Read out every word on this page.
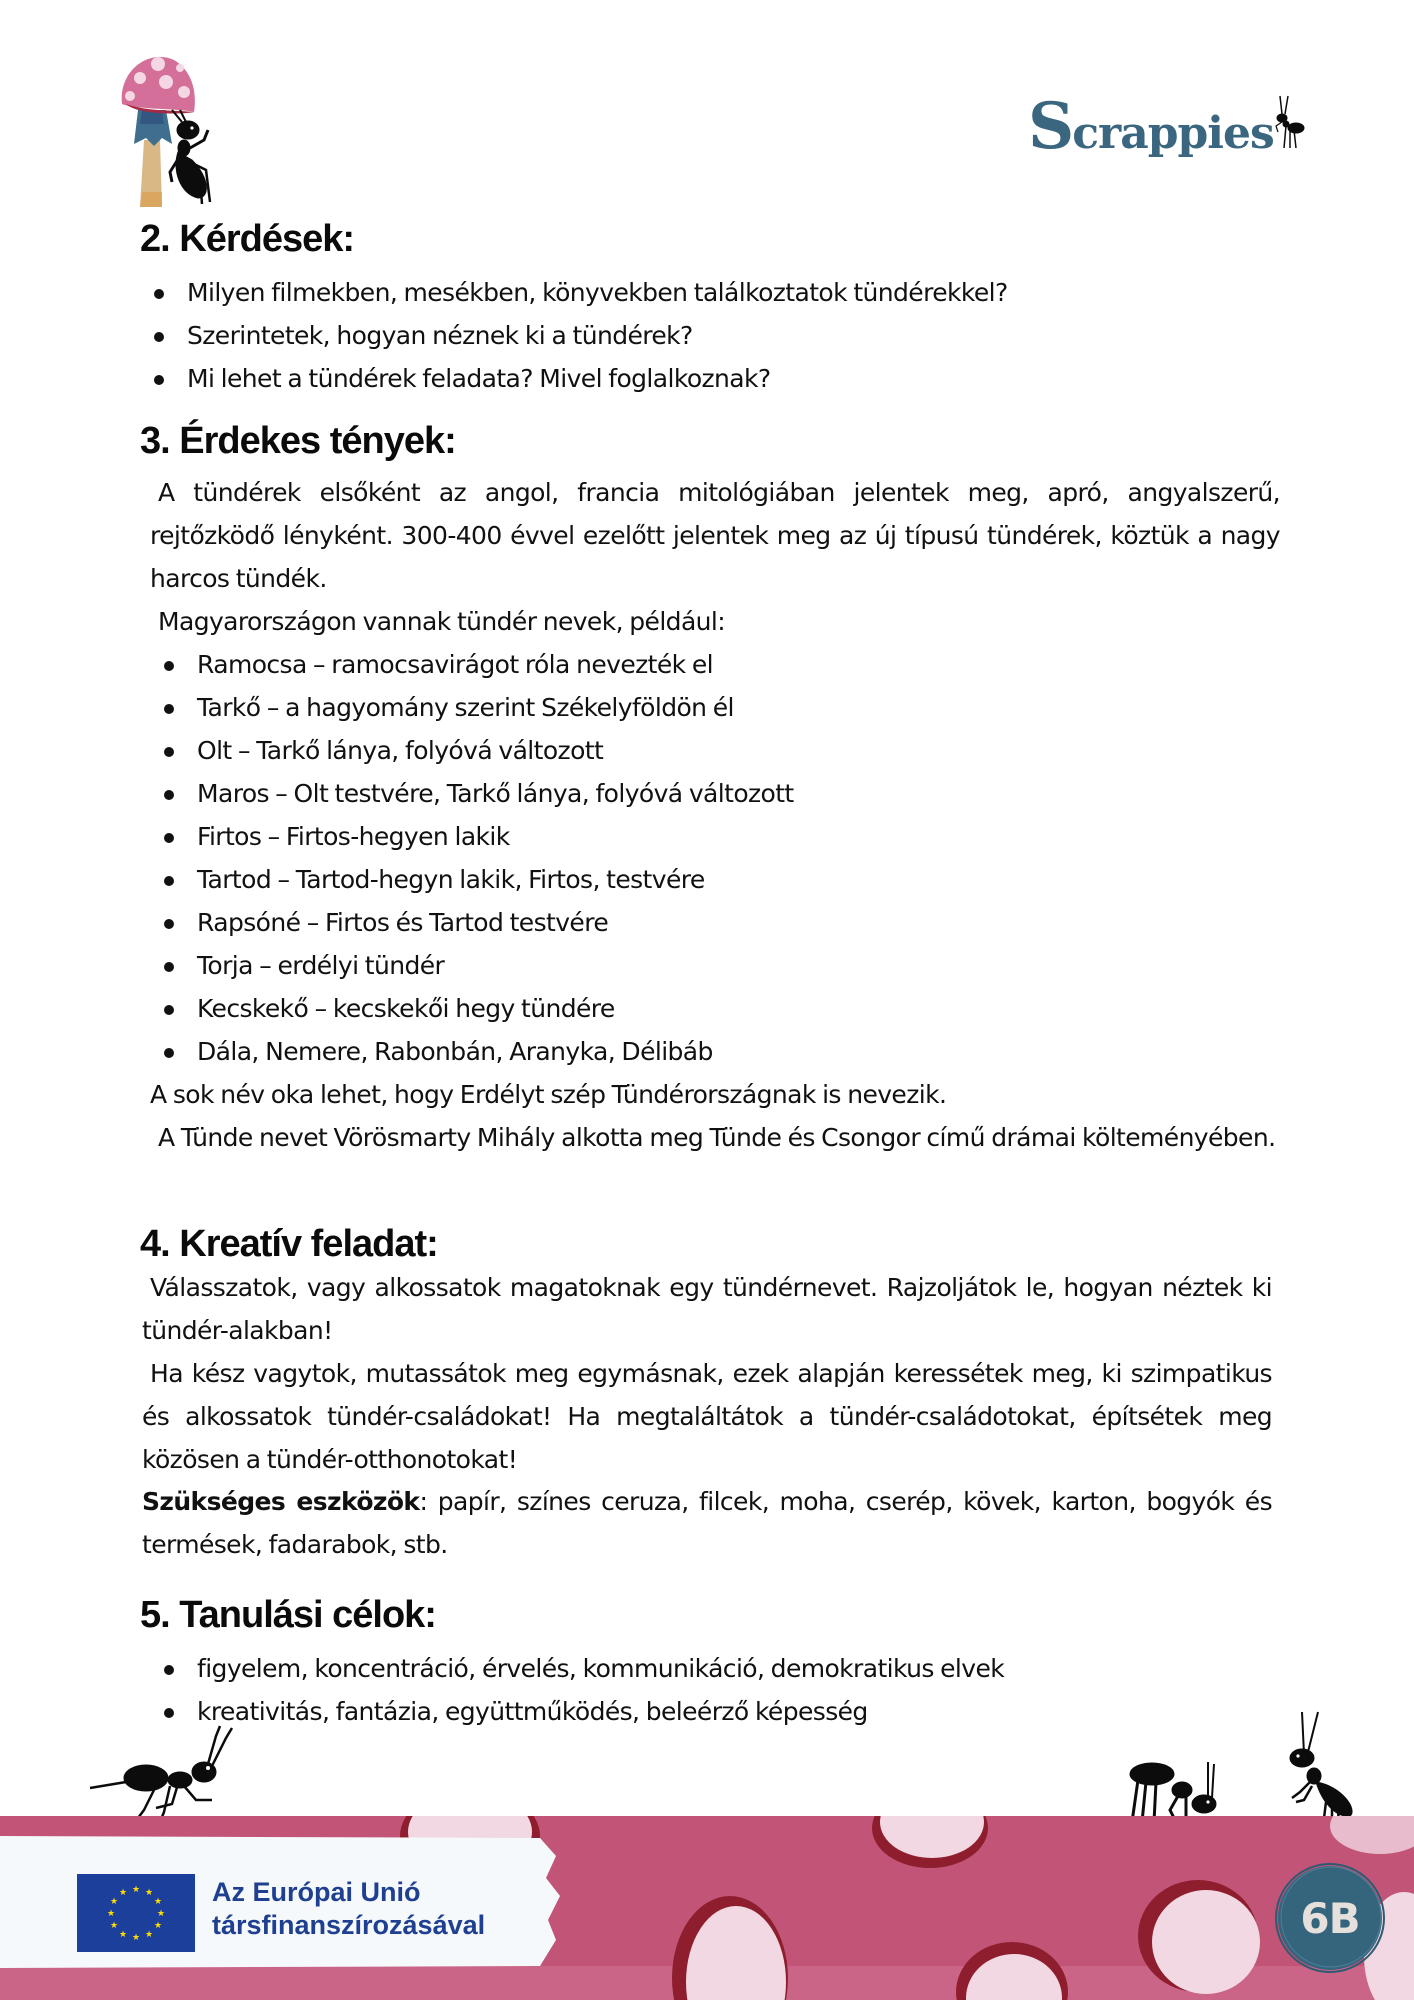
Scrappies
2. Kérdések:
Milyen filmekben, mesékben, könyvekben találkoztatok tündérekkel?
Szerintetek, hogyan néznek ki a tündérek?
Mi lehet a tündérek feladata? Mivel foglalkoznak?
3. Érdekes tények:

A tündérek elsőként az angol, francia mitológiában jelentek meg, apró, angyalszerű, rejtőzködő lényként. 300-400 évvel ezelőtt jelentek meg az új típusú tündérek, köztük a nagy harcos tündék.

Magyarországon vannak tündér nevek, például:

Ramocsa – ramocsavirágot róla nevezték el
Tarkő – a hagyomány szerint Székelyföldön él
Olt – Tarkő lánya, folyóvá változott
Maros – Olt testvére, Tarkő lánya, folyóvá változott
Firtos – Firtos-hegyen lakik
Tartod – Tartod-hegyn lakik, Firtos, testvére
Rapsóné – Firtos és Tartod testvére
Torja – erdélyi tündér
Kecskekő – kecskekői hegy tündére
Dála, Nemere, Rabonbán, Aranyka, Délibáb

A sok név oka lehet, hogy Erdélyt szép Tündérországnak is nevezik.

A Tünde nevet Vörösmarty Mihály alkotta meg Tünde és Csongor című drámai költeményében.

4. Kreatív feladat:

Válasszatok, vagy alkossatok magatoknak egy tündérnevet. Rajzoljátok le, hogyan néztek ki tündér-alakban!

Ha kész vagytok, mutassátok meg egymásnak, ezek alapján keressétek meg, ki szimpatikus és alkossatok tündér-családokat! Ha megtaláltátok a tündér-családotokat, építsétek meg közösen a tündér-otthonotokat!

Szükséges eszközök: papír, színes ceruza, filcek, moha, cserép, kövek, karton, bogyók és termések, fadarabok, stb.

5. Tanulási célok:
figyelem, koncentráció, érvelés, kommunikáció, demokratikus elvek
kreativitás, fantázia, együttműködés, beleérző képesség
★ ★
★
★
★
★
★
★
★
★
★
★	Az Európai Unió
társfinanszírozásával	6B
